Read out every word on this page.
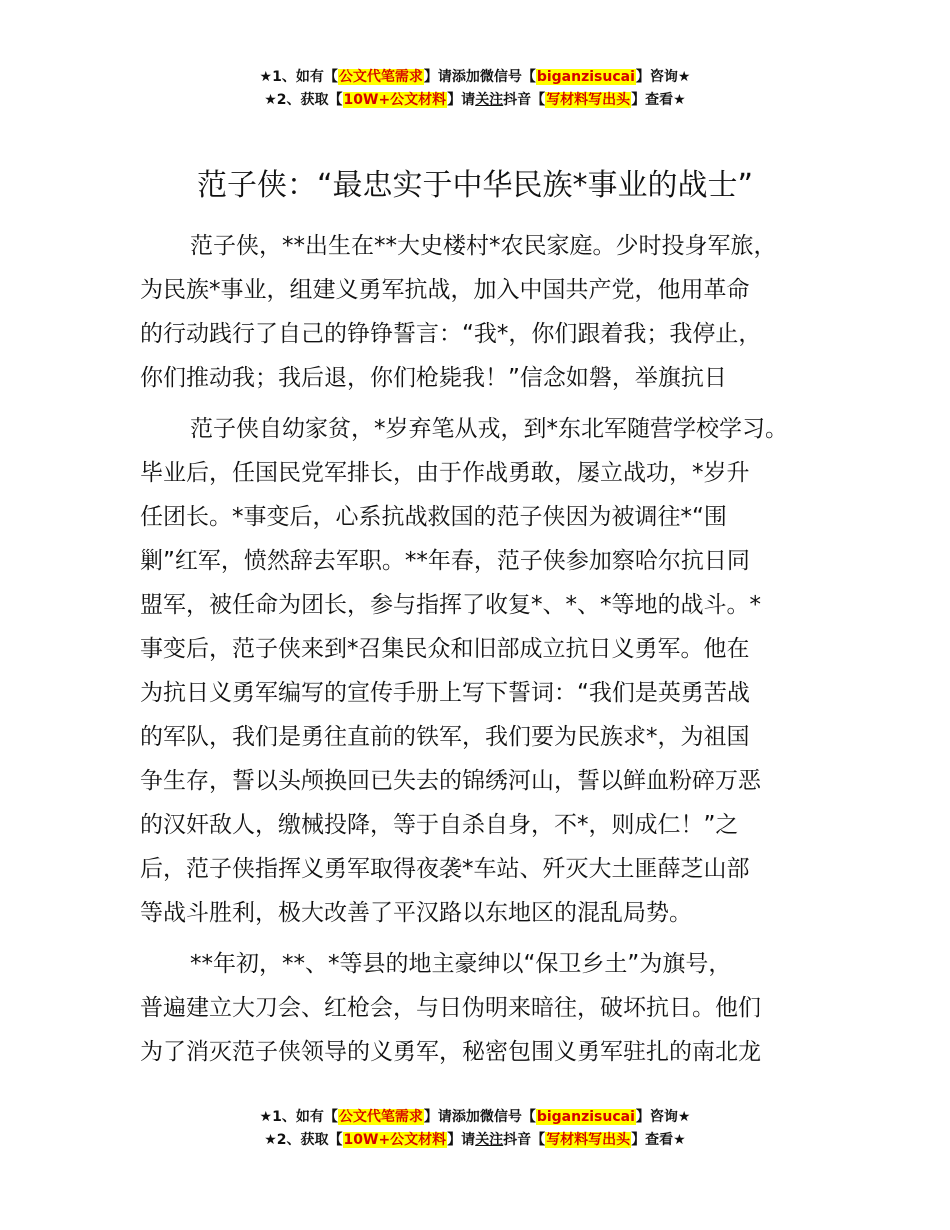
★1、如有【公文代笔需求】请添加微信号【biganzisucai】咨询★
★2、获取【10W+公文材料】请关注抖音【写材料写出头】查看★
范子侠：“最忠实于中华民族*事业的战士”
范子侠，**出生在**大史楼村*农民家庭。少时投身军旅，
为民族*事业，组建义勇军抗战，加入中国共产党，他用革命
的行动践行了自己的铮铮誓言：“我*，你们跟着我；我停止，
你们推动我；我后退，你们枪毙我！”信念如磐，举旗抗日
范子侠自幼家贫，*岁弃笔从戎，到*东北军随营学校学习。
毕业后，任国民党军排长，由于作战勇敢，屡立战功，*岁升
任团长。*事变后，心系抗战救国的范子侠因为被调往*“围
剿”红军，愤然辞去军职。**年春，范子侠参加察哈尔抗日同
盟军，被任命为团长，参与指挥了收复*、*、*等地的战斗。*
事变后，范子侠来到*召集民众和旧部成立抗日义勇军。他在
为抗日义勇军编写的宣传手册上写下誓词：“我们是英勇苦战
的军队，我们是勇往直前的铁军，我们要为民族求*，为祖国
争生存，誓以头颅换回已失去的锦绣河山，誓以鲜血粉碎万恶
的汉奸敌人，缴械投降，等于自杀自身，不*，则成仁！”之
后，范子侠指挥义勇军取得夜袭*车站、歼灭大土匪薛芝山部
等战斗胜利，极大改善了平汉路以东地区的混乱局势。
**年初，**、*等县的地主豪绅以“保卫乡土”为旗号，
普遍建立大刀会、红枪会，与日伪明来暗往，破坏抗日。他们
为了消灭范子侠领导的义勇军，秘密包围义勇军驻扎的南北龙
★1、如有【公文代笔需求】请添加微信号【biganzisucai】咨询★
★2、获取【10W+公文材料】请关注抖音【写材料写出头】查看★
